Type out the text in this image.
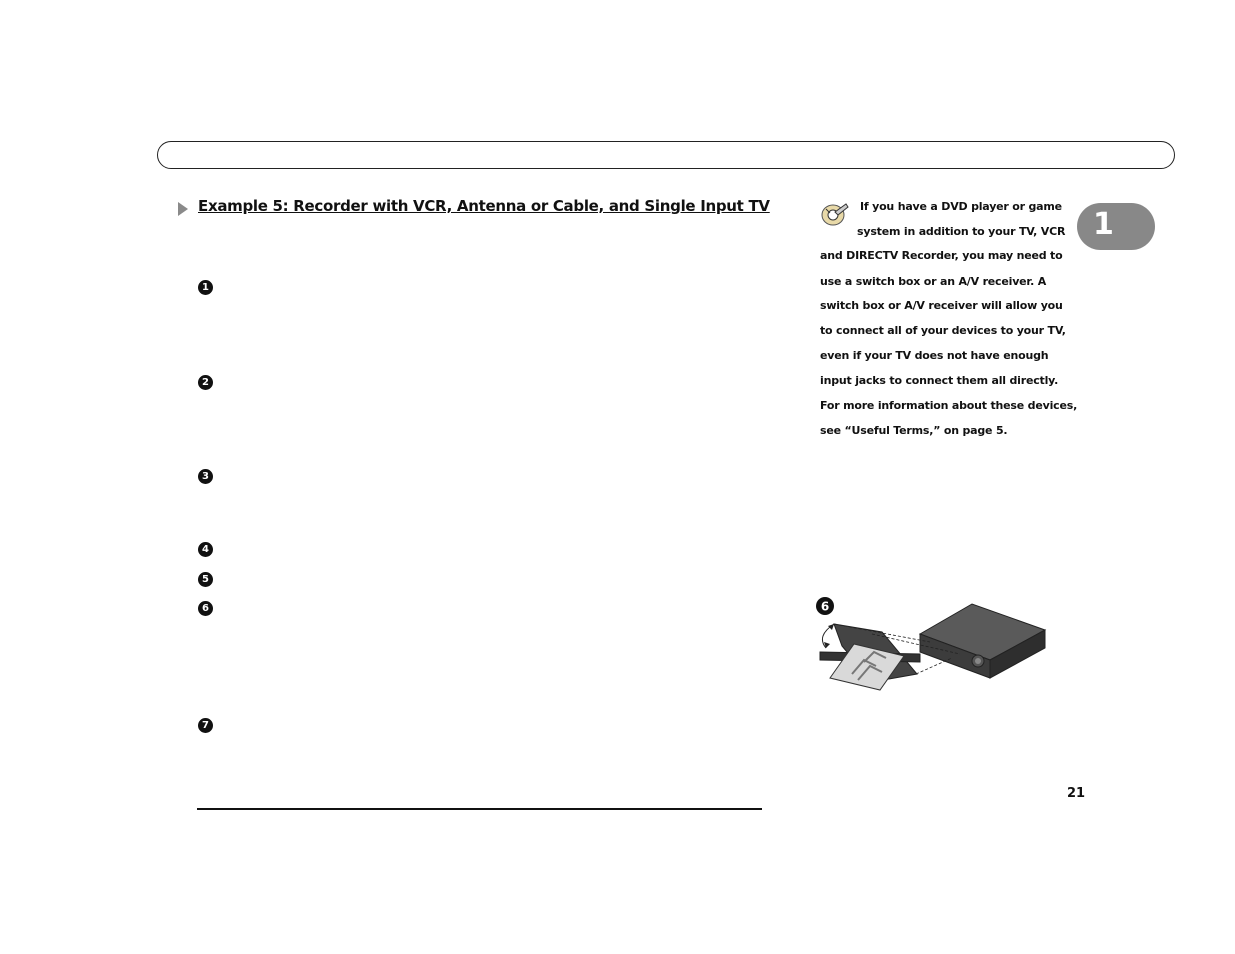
Example 5: Recorder with VCR, Antenna or Cable, and Single Input TV
1
2
3
4
5
6
7
If you have a DVD player or game
system in addition to your TV, VCR
and DIRECTV Recorder, you may need to
use a switch box or an A/V receiver. A
switch box or A/V receiver will allow you
to connect all of your devices to your TV,
even if your TV does not have enough
input jacks to connect them all directly.
For more information about these devices,
see “Useful Terms,” on page 5.
1
6
21
